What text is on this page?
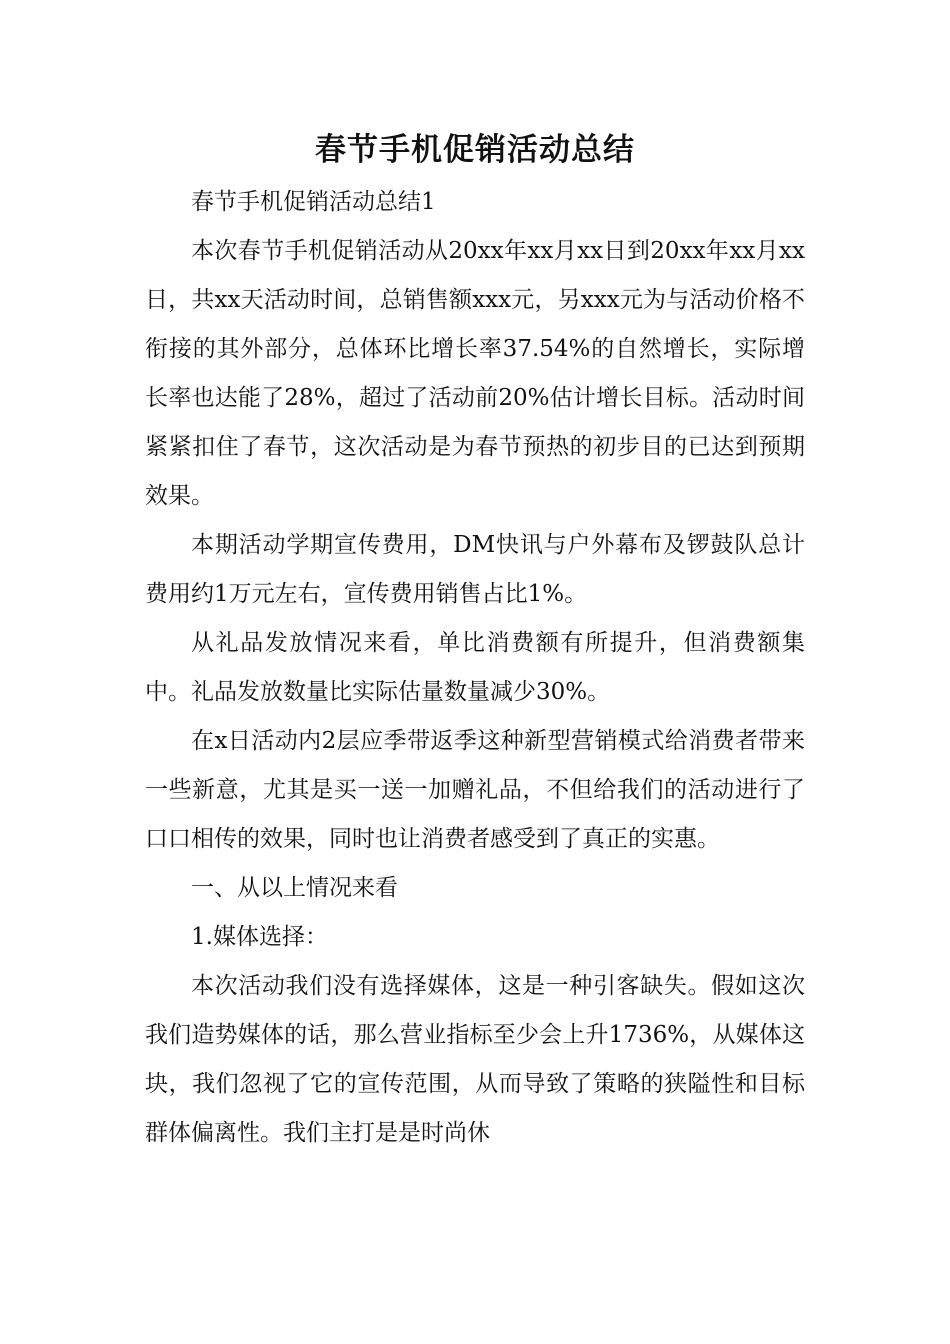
春节手机促销活动总结

春节手机促销活动总结1

本次春节手机促销活动从20xx年xx月xx日到20xx年xx月xx日，共xx天活动时间，总销售额xxx元，另xxx元为与活动价格不衔接的其外部分，总体环比增长率37.54%的自然增长，实际增长率也达能了28%，超过了活动前20%估计增长目标。活动时间紧紧扣住了春节，这次活动是为春节预热的初步目的已达到预期效果。

本期活动学期宣传费用，DM快讯与户外幕布及锣鼓队总计费用约1万元左右，宣传费用销售占比1%。

从礼品发放情况来看，单比消费额有所提升，但消费额集中。礼品发放数量比实际估量数量减少30%。

在x日活动内2层应季带返季这种新型营销模式给消费者带来一些新意，尤其是买一送一加赠礼品，不但给我们的活动进行了口口相传的效果，同时也让消费者感受到了真正的实惠。

一、从以上情况来看

1.媒体选择：

本次活动我们没有选择媒体，这是一种引客缺失。假如这次我们造势媒体的话，那么营业指标至少会上升1736%，从媒体这块，我们忽视了它的宣传范围，从而导致了策略的狭隘性和目标群体偏离性。我们主打是是时尚休
